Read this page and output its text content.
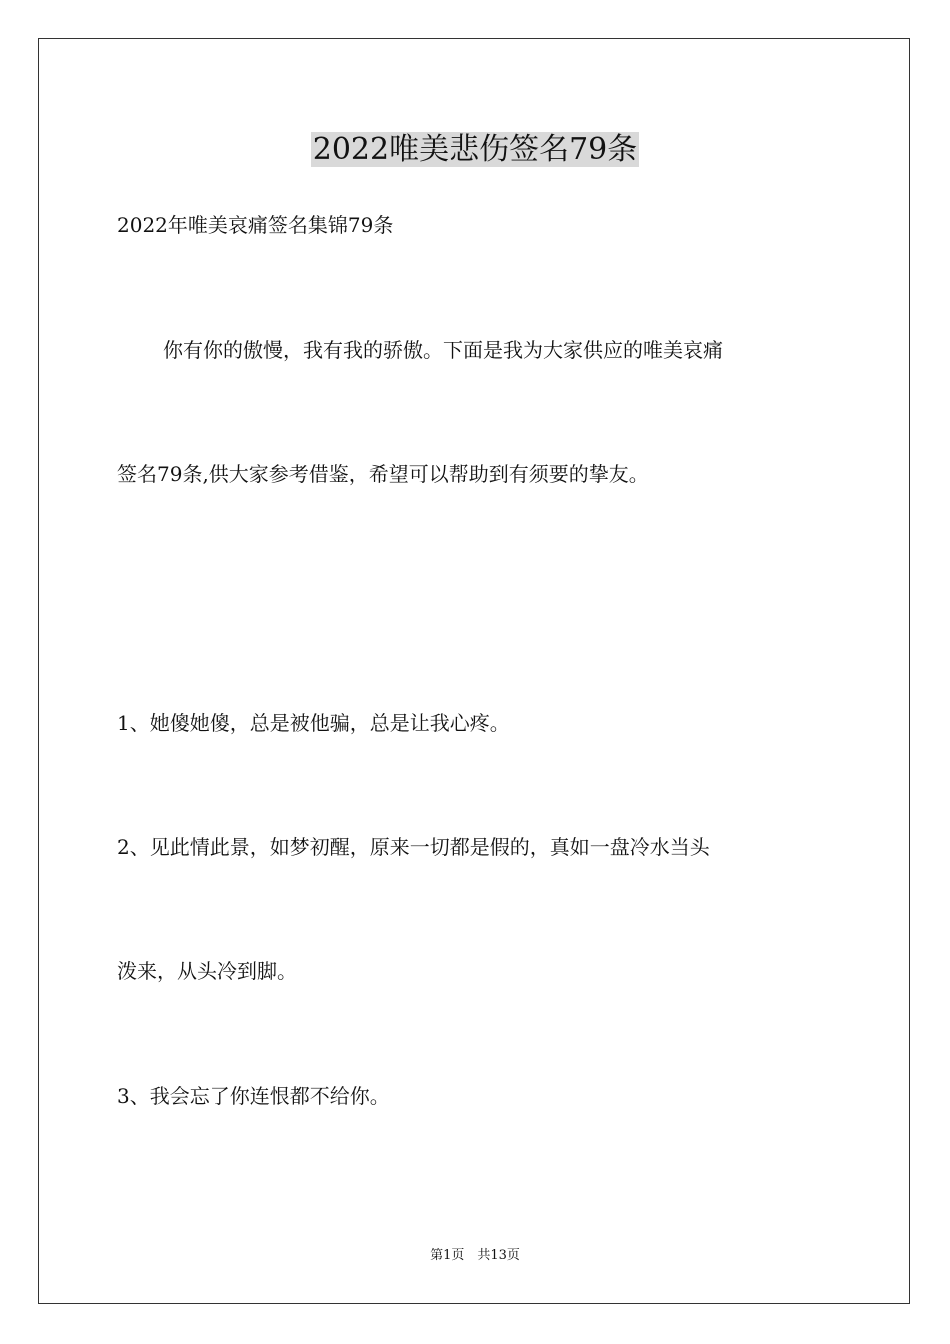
2022唯美悲伤签名79条
2022年唯美哀痛签名集锦79条
你有你的傲慢，我有我的骄傲。下面是我为大家供应的唯美哀痛
签名79条,供大家参考借鉴，希望可以帮助到有须要的挚友。
1、她傻她傻，总是被他骗，总是让我心疼。
2、见此情此景，如梦初醒，原来一切都是假的，真如一盘冷水当头
泼来，从头冷到脚。
3、我会忘了你连恨都不给你。
第1页　共13页
